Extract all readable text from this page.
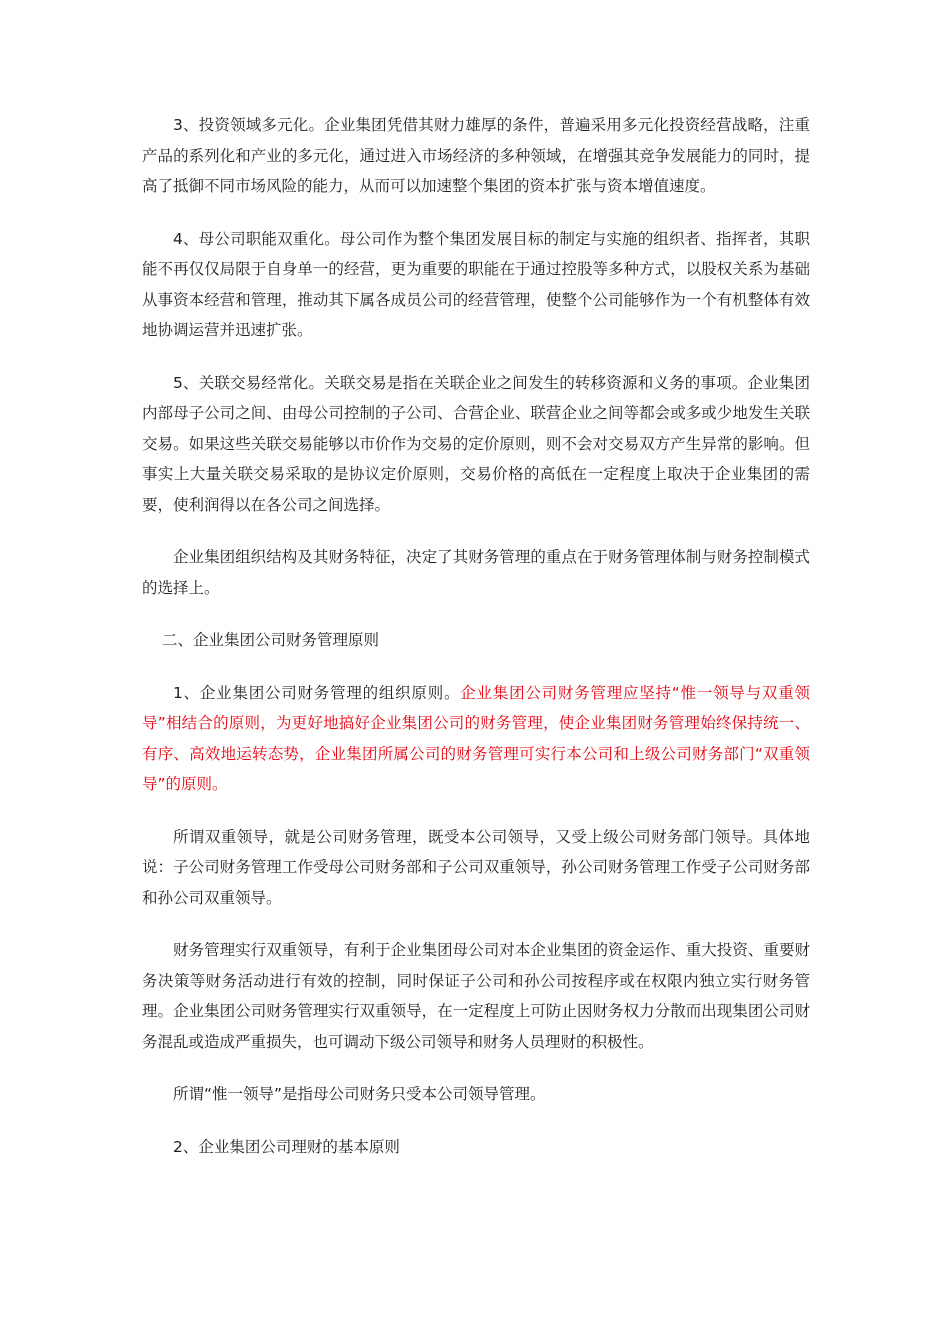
3、投资领域多元化。企业集团凭借其财力雄厚的条件，普遍采用多元化投资经营战略，注重产品的系列化和产业的多元化，通过进入市场经济的多种领域，在增强其竞争发展能力的同时，提高了抵御不同市场风险的能力，从而可以加速整个集团的资本扩张与资本增值速度。

4、母公司职能双重化。母公司作为整个集团发展目标的制定与实施的组织者、指挥者，其职能不再仅仅局限于自身单一的经营，更为重要的职能在于通过控股等多种方式，以股权关系为基础从事资本经营和管理，推动其下属各成员公司的经营管理，使整个公司能够作为一个有机整体有效地协调运营并迅速扩张。

5、关联交易经常化。关联交易是指在关联企业之间发生的转移资源和义务的事项。企业集团内部母子公司之间、由母公司控制的子公司、合营企业、联营企业之间等都会或多或少地发生关联交易。如果这些关联交易能够以市价作为交易的定价原则，则不会对交易双方产生异常的影响。但事实上大量关联交易采取的是协议定价原则，交易价格的高低在一定程度上取决于企业集团的需要，使利润得以在各公司之间选择。

企业集团组织结构及其财务特征，决定了其财务管理的重点在于财务管理体制与财务控制模式的选择上。

二、企业集团公司财务管理原则

1、企业集团公司财务管理的组织原则。企业集团公司财务管理应坚持“惟一领导与双重领导”相结合的原则，为更好地搞好企业集团公司的财务管理，使企业集团财务管理始终保持统一、有序、高效地运转态势，企业集团所属公司的财务管理可实行本公司和上级公司财务部门“双重领导”的原则。

所谓双重领导，就是公司财务管理，既受本公司领导，又受上级公司财务部门领导。具体地说：子公司财务管理工作受母公司财务部和子公司双重领导，孙公司财务管理工作受子公司财务部和孙公司双重领导。

财务管理实行双重领导，有利于企业集团母公司对本企业集团的资金运作、重大投资、重要财务决策等财务活动进行有效的控制，同时保证子公司和孙公司按程序或在权限内独立实行财务管理。企业集团公司财务管理实行双重领导，在一定程度上可防止因财务权力分散而出现集团公司财务混乱或造成严重损失，也可调动下级公司领导和财务人员理财的积极性。

所谓“惟一领导”是指母公司财务只受本公司领导管理。

2、企业集团公司理财的基本原则
